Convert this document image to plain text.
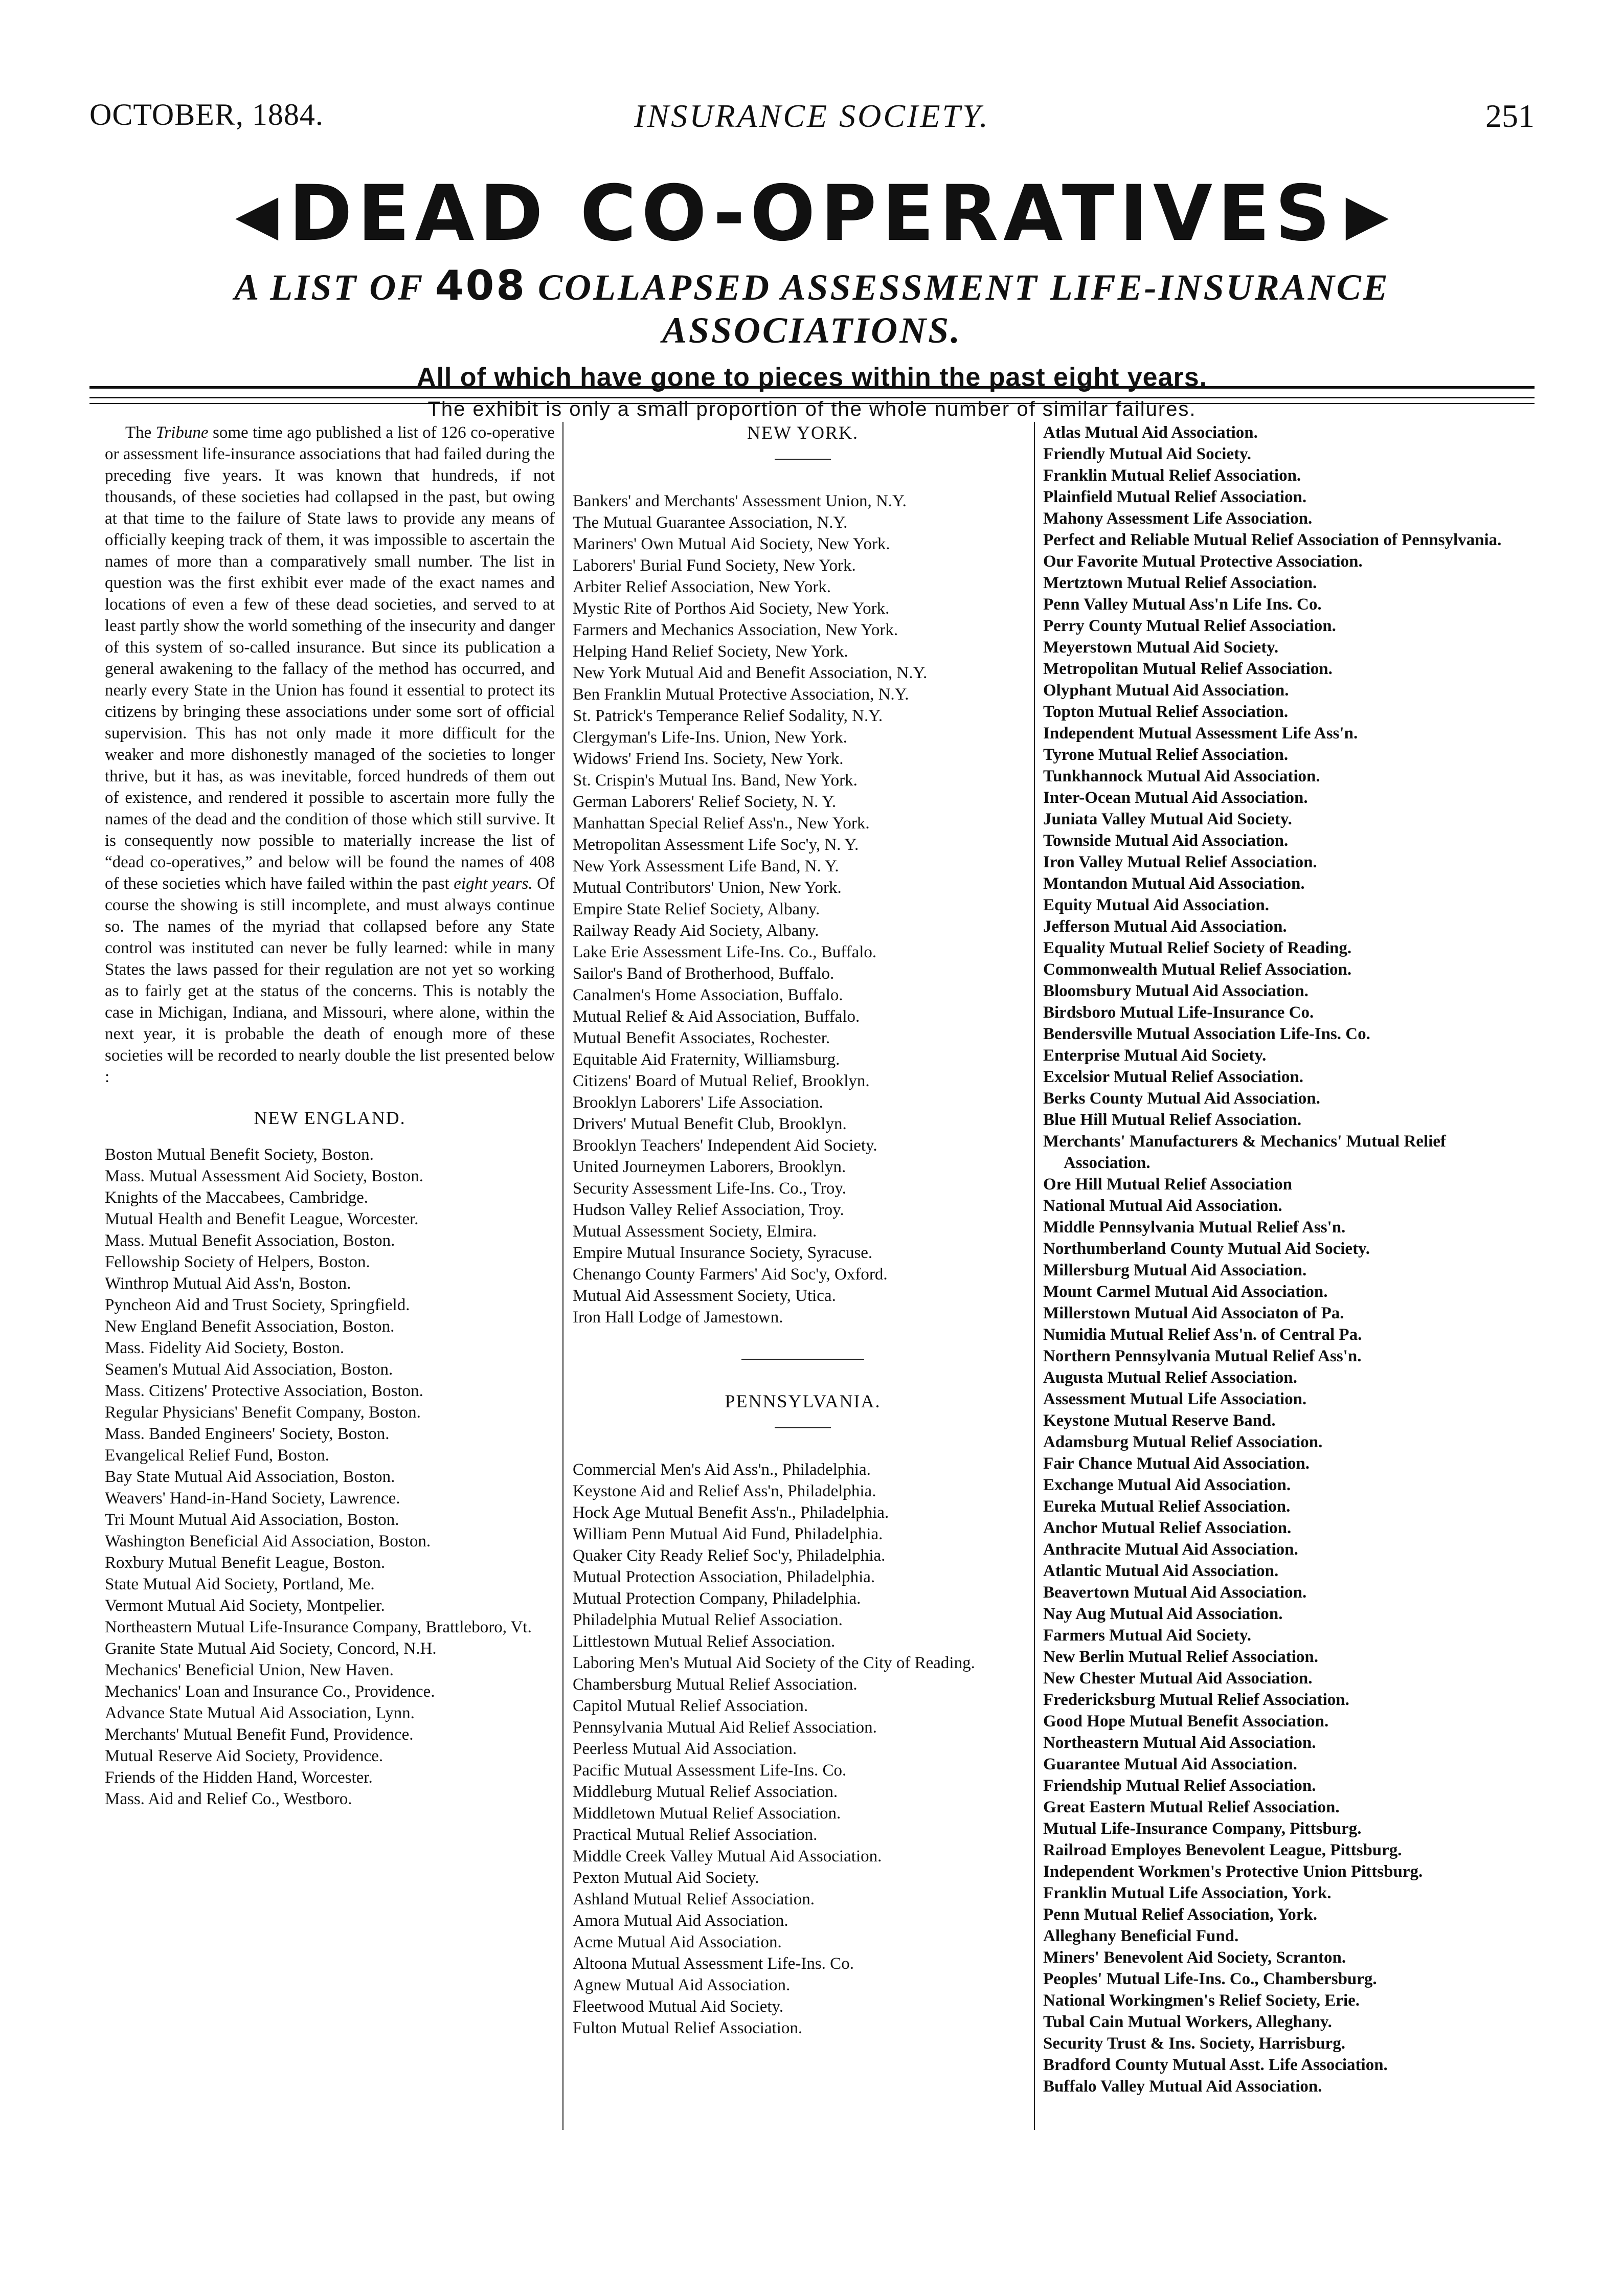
OCTOBER, 1884.	INSURANCE SOCIETY.	251
◀ DEAD CO-OPERATIVES ▶
A LIST OF 408 COLLAPSED ASSESSMENT LIFE-INSURANCE ASSOCIATIONS.
All of which have gone to pieces within the past eight years.
The exhibit is only a small proportion of the whole number of similar failures.

The Tribune some time ago published a list of 126 co-operative or assessment life-insurance associations that had failed during the preceding five years. It was known that hundreds, if not thousands, of these societies had collapsed in the past, but owing at that time to the failure of State laws to provide any means of officially keeping track of them, it was impossible to ascertain the names of more than a comparatively small number. The list in question was the first exhibit ever made of the exact names and locations of even a few of these dead societies, and served to at least partly show the world something of the insecurity and danger of this system of so-called insurance. But since its publication a general awakening to the fallacy of the method has occurred, and nearly every State in the Union has found it essential to protect its citizens by bringing these associations under some sort of official supervision. This has not only made it more difficult for the weaker and more dishonestly managed of the societies to longer thrive, but it has, as was inevitable, forced hundreds of them out of existence, and rendered it possible to ascertain more fully the names of the dead and the condition of those which still survive. It is consequently now possible to materially increase the list of “dead co-operatives,” and below will be found the names of 408 of these societies which have failed within the past eight years. Of course the showing is still incomplete, and must always continue so. The names of the myriad that collapsed before any State control was instituted can never be fully learned: while in many States the laws passed for their regulation are not yet so working as to fairly get at the status of the concerns. This is notably the case in Michigan, Indiana, and Missouri, where alone, within the next year, it is probable the death of enough more of these societies will be recorded to nearly double the list presented below :

NEW ENGLAND.
Boston Mutual Benefit Society, Boston.
Mass. Mutual Assessment Aid Society, Boston.
Knights of the Maccabees, Cambridge.
Mutual Health and Benefit League, Worcester.
Mass. Mutual Benefit Association, Boston.
Fellowship Society of Helpers, Boston.
Winthrop Mutual Aid Ass'n, Boston.
Pyncheon Aid and Trust Society, Springfield.
New England Benefit Association, Boston.
Mass. Fidelity Aid Society, Boston.
Seamen's Mutual Aid Association, Boston.
Mass. Citizens' Protective Association, Boston.
Regular Physicians' Benefit Company, Boston.
Mass. Banded Engineers' Society, Boston.
Evangelical Relief Fund, Boston.
Bay State Mutual Aid Association, Boston.
Weavers' Hand-in-Hand Society, Lawrence.
Tri Mount Mutual Aid Association, Boston.
Washington Beneficial Aid Association, Boston.
Roxbury Mutual Benefit League, Boston.
State Mutual Aid Society, Portland, Me.
Vermont Mutual Aid Society, Montpelier.
Northeastern Mutual Life-Insurance Company, Brattleboro, Vt.
Granite State Mutual Aid Society, Concord, N.H.
Mechanics' Beneficial Union, New Haven.
Mechanics' Loan and Insurance Co., Providence.
Advance State Mutual Aid Association, Lynn.
Merchants' Mutual Benefit Fund, Providence.
Mutual Reserve Aid Society, Providence.
Friends of the Hidden Hand, Worcester.
Mass. Aid and Relief Co., Westboro.
NEW YORK.
Bankers' and Merchants' Assessment Union, N.Y.
The Mutual Guarantee Association, N.Y.
Mariners' Own Mutual Aid Society, New York.
Laborers' Burial Fund Society, New York.
Arbiter Relief Association, New York.
Mystic Rite of Porthos Aid Society, New York.
Farmers and Mechanics Association, New York.
Helping Hand Relief Society, New York.
New York Mutual Aid and Benefit Association, N.Y.
Ben Franklin Mutual Protective Association, N.Y.
St. Patrick's Temperance Relief Sodality, N.Y.
Clergyman's Life-Ins. Union, New York.
Widows' Friend Ins. Society, New York.
St. Crispin's Mutual Ins. Band, New York.
German Laborers' Relief Society, N. Y.
Manhattan Special Relief Ass'n., New York.
Metropolitan Assessment Life Soc'y, N. Y.
New York Assessment Life Band, N. Y.
Mutual Contributors' Union, New York.
Empire State Relief Society, Albany.
Railway Ready Aid Society, Albany.
Lake Erie Assessment Life-Ins. Co., Buffalo.
Sailor's Band of Brotherhood, Buffalo.
Canalmen's Home Association, Buffalo.
Mutual Relief & Aid Association, Buffalo.
Mutual Benefit Associates, Rochester.
Equitable Aid Fraternity, Williamsburg.
Citizens' Board of Mutual Relief, Brooklyn.
Brooklyn Laborers' Life Association.
Drivers' Mutual Benefit Club, Brooklyn.
Brooklyn Teachers' Independent Aid Society.
United Journeymen Laborers, Brooklyn.
Security Assessment Life-Ins. Co., Troy.
Hudson Valley Relief Association, Troy.
Mutual Assessment Society, Elmira.
Empire Mutual Insurance Society, Syracuse.
Chenango County Farmers' Aid Soc'y, Oxford.
Mutual Aid Assessment Society, Utica.
Iron Hall Lodge of Jamestown.
PENNSYLVANIA.
Commercial Men's Aid Ass'n., Philadelphia.
Keystone Aid and Relief Ass'n, Philadelphia.
Hock Age Mutual Benefit Ass'n., Philadelphia.
William Penn Mutual Aid Fund, Philadelphia.
Quaker City Ready Relief Soc'y, Philadelphia.
Mutual Protection Association, Philadelphia.
Mutual Protection Company, Philadelphia.
Philadelphia Mutual Relief Association.
Littlestown Mutual Relief Association.
Laboring Men's Mutual Aid Society of the City of Reading.
Chambersburg Mutual Relief Association.
Capitol Mutual Relief Association.
Pennsylvania Mutual Aid Relief Association.
Peerless Mutual Aid Association.
Pacific Mutual Assessment Life-Ins. Co.
Middleburg Mutual Relief Association.
Middletown Mutual Relief Association.
Practical Mutual Relief Association.
Middle Creek Valley Mutual Aid Association.
Pexton Mutual Aid Society.
Ashland Mutual Relief Association.
Amora Mutual Aid Association.
Acme Mutual Aid Association.
Altoona Mutual Assessment Life-Ins. Co.
Agnew Mutual Aid Association.
Fleetwood Mutual Aid Society.
Fulton Mutual Relief Association.
Atlas Mutual Aid Association.
Friendly Mutual Aid Society.
Franklin Mutual Relief Association.
Plainfield Mutual Relief Association.
Mahony Assessment Life Association.
Perfect and Reliable Mutual Relief Association of Pennsylvania.
Our Favorite Mutual Protective Association.
Mertztown Mutual Relief Association.
Penn Valley Mutual Ass'n Life Ins. Co.
Perry County Mutual Relief Association.
Meyerstown Mutual Aid Society.
Metropolitan Mutual Relief Association.
Olyphant Mutual Aid Association.
Topton Mutual Relief Association.
Independent Mutual Assessment Life Ass'n.
Tyrone Mutual Relief Association.
Tunkhannock Mutual Aid Association.
Inter-Ocean Mutual Aid Association.
Juniata Valley Mutual Aid Society.
Townside Mutual Aid Association.
Iron Valley Mutual Relief Association.
Montandon Mutual Aid Association.
Equity Mutual Aid Association.
Jefferson Mutual Aid Association.
Equality Mutual Relief Society of Reading.
Commonwealth Mutual Relief Association.
Bloomsbury Mutual Aid Association.
Birdsboro Mutual Life-Insurance Co.
Bendersville Mutual Association Life-Ins. Co.
Enterprise Mutual Aid Society.
Excelsior Mutual Relief Association.
Berks County Mutual Aid Association.
Blue Hill Mutual Relief Association.
Merchants' Manufacturers & Mechanics' Mutual Relief Association.
Ore Hill Mutual Relief Association
National Mutual Aid Association.
Middle Pennsylvania Mutual Relief Ass'n.
Northumberland County Mutual Aid Society.
Millersburg Mutual Aid Association.
Mount Carmel Mutual Aid Association.
Millerstown Mutual Aid Associaton of Pa.
Numidia Mutual Relief Ass'n. of Central Pa.
Northern Pennsylvania Mutual Relief Ass'n.
Augusta Mutual Relief Association.
Assessment Mutual Life Association.
Keystone Mutual Reserve Band.
Adamsburg Mutual Relief Association.
Fair Chance Mutual Aid Association.
Exchange Mutual Aid Association.
Eureka Mutual Relief Association.
Anchor Mutual Relief Association.
Anthracite Mutual Aid Association.
Atlantic Mutual Aid Association.
Beavertown Mutual Aid Association.
Nay Aug Mutual Aid Association.
Farmers Mutual Aid Society.
New Berlin Mutual Relief Association.
New Chester Mutual Aid Association.
Fredericksburg Mutual Relief Association.
Good Hope Mutual Benefit Association.
Northeastern Mutual Aid Association.
Guarantee Mutual Aid Association.
Friendship Mutual Relief Association.
Great Eastern Mutual Relief Association.
Mutual Life-Insurance Company, Pittsburg.
Railroad Employes Benevolent League, Pittsburg.
Independent Workmen's Protective Union Pittsburg.
Franklin Mutual Life Association, York.
Penn Mutual Relief Association, York.
Alleghany Beneficial Fund.
Miners' Benevolent Aid Society, Scranton.
Peoples' Mutual Life-Ins. Co., Chambersburg.
National Workingmen's Relief Society, Erie.
Tubal Cain Mutual Workers, Alleghany.
Security Trust & Ins. Society, Harrisburg.
Bradford County Mutual Asst. Life Association.
Buffalo Valley Mutual Aid Association.
